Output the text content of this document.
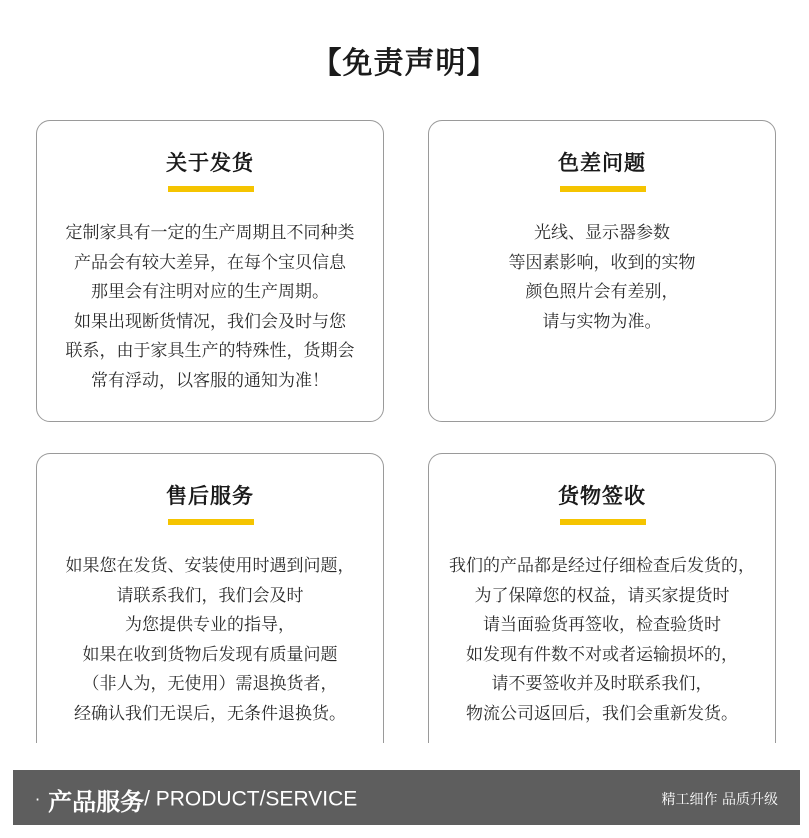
【免责声明】
关于发货
定制家具有一定的生产周期且不同种类
产品会有较大差异，在每个宝贝信息
那里会有注明对应的生产周期。
如果出现断货情况，我们会及时与您
联系，由于家具生产的特殊性，货期会
常有浮动，以客服的通知为准！
色差问题
光线、显示器参数
等因素影响，收到的实物
颜色照片会有差别，
请与实物为准。
售后服务
如果您在发货、安装使用时遇到问题，
请联系我们，我们会及时
为您提供专业的指导，
如果在收到货物后发现有质量问题
（非人为，无使用）需退换货者，
经确认我们无误后，无条件退换货。
货物签收
我们的产品都是经过仔细检查后发货的，
为了保障您的权益，请买家提货时
请当面验货再签收，检查验货时
如发现有件数不对或者运输损坏的，
请不要签收并及时联系我们，
物流公司返回后，我们会重新发货。
· 产品服务/ PRODUCT/SERVICE	精工细作 品质升级
